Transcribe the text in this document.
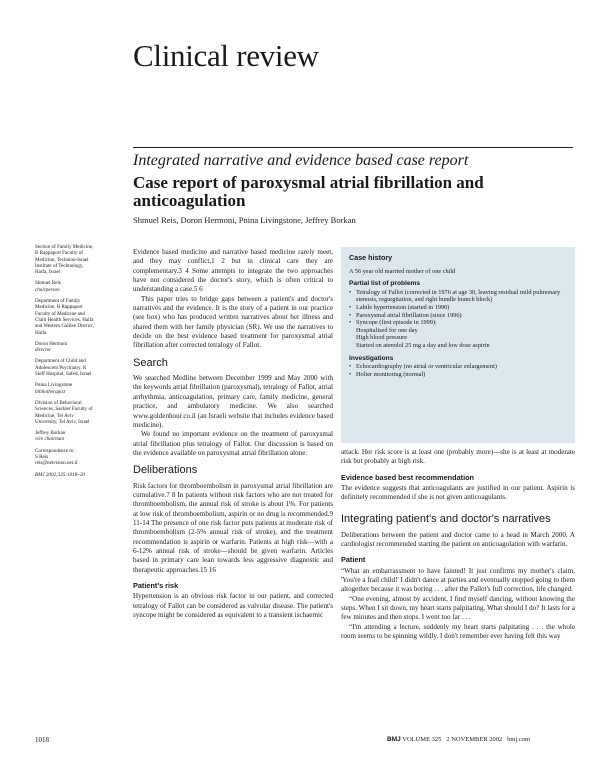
Clinical review
Integrated narrative and evidence based case report
Case report of paroxysmal atrial fibrillation and anticoagulation
Shmuel Reis, Doron Hermoni, Pnina Livingstone, Jeffrey Borkan

Section of Family Medicine, B Rappaport Faculty of Medicine, Technion-Israel Institute of Technology, Haifa, Israel

Shmuel Reis
chairperson

Department of Family Medicine, B Rappaport Faculty of Medicine and Clalit Health Services, Haifa and Western Galilee District, Haifa

Doron Hermoni
director

Department of Child and Adolescent Psychiatry, R Sieff Hospital, Safed, Israel

Pnina Livingstone
bibliotherapist

Division of Behavioral Sciences, Sackler Faculty of Medicine, Tel Aviv University, Tel Aviv, Israel

Jeffrey Borkan
vice chairman

Correspondence to:
S Reis
reis@netvision.net.il

BMJ 2002;325:1018–20

Evidence based medicine and narrative based medicine rarely meet, and they may conflict,1 2 but in clinical care they are complementary.3 4 Some attempts to integrate the two approaches have not considered the doctor's story, which is often critical to understanding a case.5 6

This paper tries to bridge gaps between a patient's and doctor's narratives and the evidence. It is the story of a patient in our practice (see box) who has produced written narratives about her illness and shared them with her family physician (SR). We use the narratives to decide on the best evidence based treatment for paroxysmal atrial fibrillation after corrected tetralogy of Fallot.

Search

We searched Medline between December 1999 and May 2000 with the keywords atrial fibrillation (paroxysmal), tetralogy of Fallot, atrial arrhythmia, anticoagulation, primary care, family medicine, general practice, and ambulatory medicine. We also searched www.goldenhour.co.il (an Israeli website that includes evidence based medicine).

We found no important evidence on the treatment of paroxysmal atrial fibrillation plus tetralogy of Fallot. Our discussion is based on the evidence available on paroxysmal atrial fibrillation alone.

Deliberations

Risk factors for thromboembolism in paroxysmal atrial fibrillation are cumulative.7 8 In patients without risk factors who are not treated for thromboembolism, the annual risk of stroke is about 1%. For patients at low risk of thromboembolism, aspirin or no drug is recommended.9 11-14 The presence of one risk factor puts patients at moderate risk of thromboembolism (2-5% annual risk of stroke), and the treatment recommendation is aspirin or warfarin. Patients at high risk—with a 6-12% annual risk of stroke—should be given warfarin. Articles based in primary care lean towards less aggressive diagnostic and therapeutic approaches.15 16

Patient's risk

Hypertension is an obvious risk factor in our patient, and corrected tetralogy of Fallot can be considered as valvular disease. The patient's syncope might be considered as equivalent to a transient ischaemic

Case history
A 56 year old married mother of one child
Partial list of problems
• Tetralogy of Fallot (corrected in 1976 at age 30, leaving residual mild pulmonary stenosis, regurgitation, and right bundle branch block)
• Labile hypertension (started in 1990)
• Paroxysmal atrial fibrillation (since 1996)
• Syncope (first episode in 1999):
Hospitalised for one day
High blood pressure
Started on atenolol 25 mg a day and low dose aspirin
Investigations
• Echocardiography (no atrial or ventricular enlargement)
• Holter monitoring (normal)

attack. Her risk score is at least one (probably more)—she is at least at moderate risk but probably at high risk.

Evidence based best recommendation

The evidence suggests that anticoagulants are justified in our patient. Aspirin is definitely recommended if she is not given anticoagulants.

Integrating patient's and doctor's narratives

Deliberations between the patient and doctor came to a head in March 2000. A cardiologist recommended starting the patient on anticoagulation with warfarin.

Patient

“What an embarrassment to have fainted! It just confirms my mother's claim, 'You're a frail child!' I didn't dance at parties and eventually stopped going to them altogether because it was boring . . . after the Fallot's full correction, life changed.

“One evening, almost by accident, I find myself dancing, without knowing the steps. When I sit down, my heart starts palpitating. What should I do? It lasts for a few minutes and then stops. I went too far . . .

“I'm attending a lecture, suddenly my heart starts palpitating . . . the whole room seems to be spinning wildly. I don't remember ever having felt this way

1018	BMJ VOLUME 325 2 NOVEMBER 2002 bmj.com
